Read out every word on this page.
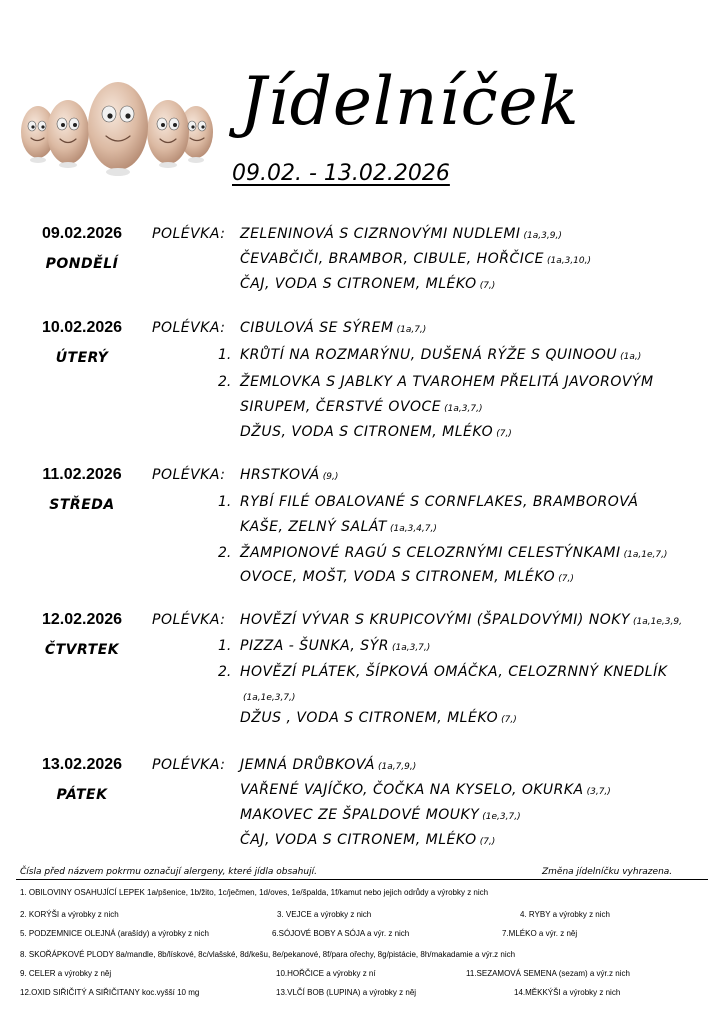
Jídelníček
09.02. - 13.02.2026
09.02.2026
PONDĚLÍ
POLÉVKA: ZELENINOVÁ S CIZRNOVÝMI NUDLEMI (1a,3,9,)
ČEVABČIČI, BRAMBOR, CIBULE, HOŘČICE (1a,3,10,)
ČAJ, VODA S CITRONEM, MLÉKO (7,)
10.02.2026
ÚTERÝ
POLÉVKA: CIBULOVÁ SE SÝREM (1a,7,)
1. KRŮTÍ NA ROZMARÝNU, DUŠENÁ RÝŽE S QUINOOU (1a,)
2. ŽEMLOVKA S JABLKY A TVAROHEM PŘELITÁ JAVOROVÝM
SIRUPEM, ČERSTVÉ OVOCE (1a,3,7,)
DŽUS, VODA S CITRONEM, MLÉKO (7,)
11.02.2026
STŘEDA
POLÉVKA: HRSTKOVÁ (9,)
1. RYBÍ FILÉ OBALOVANÉ S CORNFLAKES, BRAMBOROVÁ
KAŠE, ZELNÝ SALÁT (1a,3,4,7,)
2. ŽAMPIONOVÉ RAGÚ S CELOZRNÝMI CELESTÝNKAMI (1a,1e,7,)
OVOCE, MOŠT, VODA S CITRONEM, MLÉKO (7,)
12.02.2026
ČTVRTEK
POLÉVKA: HOVĚZÍ VÝVAR S KRUPICOVÝMI (ŠPALDOVÝMI) NOKY (1a,1e,3,9,
1. PIZZA - ŠUNKA, SÝR (1a,3,7,)
2. HOVĚZÍ PLÁTEK, ŠÍPKOVÁ OMÁČKA, CELOZRNNÝ KNEDLÍK
(1a,1e,3,7,)
DŽUS , VODA S CITRONEM, MLÉKO (7,)
13.02.2026
PÁTEK
POLÉVKA: JEMNÁ DRŮBKOVÁ (1a,7,9,)
VAŘENÉ VAJÍČKO, ČOČKA NA KYSELO, OKURKA (3,7,)
MAKOVEC ZE ŠPALDOVÉ MOUKY (1e,3,7,)
ČAJ, VODA S CITRONEM, MLÉKO (7,)
Čísla před názvem pokrmu označují alergeny, které jídla obsahují.	Změna jídelníčku vyhrazena.
1. OBILOVINY OSAHUJÍCÍ LEPEK 1a/pšenice, 1b/žito, 1c/ječmen, 1d/oves, 1e/špalda, 1f/kamut nebo jejich odrůdy a výrobky z nich
2. KORÝŠI a výrobky z nich	3. VEJCE a výrobky z nich	4. RYBY a výrobky z nich
5. PODZEMNICE OLEJNÁ (arašídy) a výrobky z nich	6.SÓJOVÉ BOBY A SÓJA a výr. z nich	7.MLÉKO a výr. z něj
8. SKOŘÁPKOVÉ PLODY 8a/mandle, 8b/lískové, 8c/vlašské, 8d/kešu, 8e/pekanové, 8f/para ořechy, 8g/pistácie, 8h/makadamie a výr.z nich
9. CELER a výrobky z něj	10.HOŘČICE a výrobky z ní	11.SEZAMOVÁ SEMENA (sezam) a výr.z nich
12.OXID SIŘIČITÝ A SIŘIČITANY koc.vyšší 10 mg	13.VLČÍ BOB (LUPINA) a výrobky z něj	14.MĚKKÝŠI a výrobky z nich
